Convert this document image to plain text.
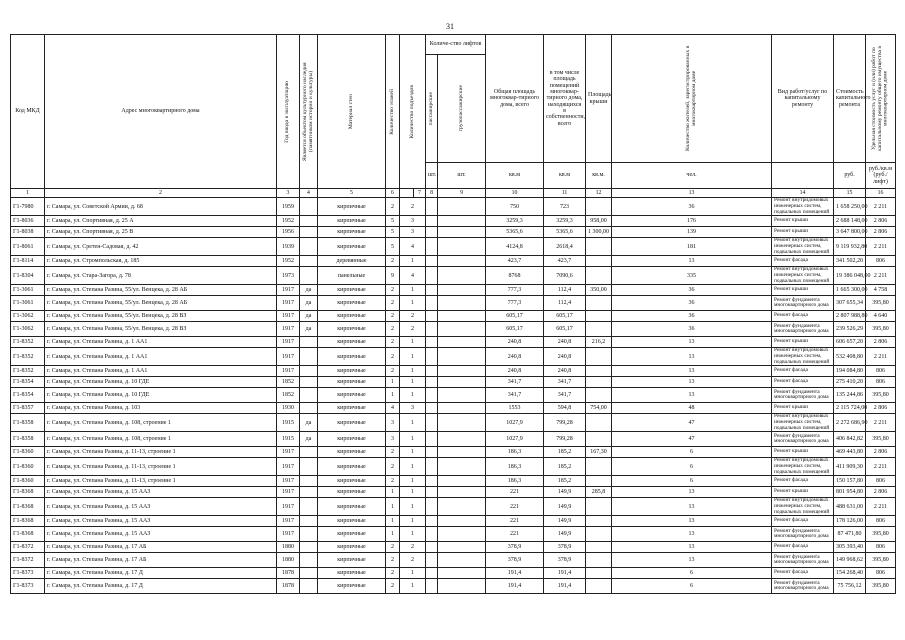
31
Код МКД	Адрес многоквартирного дома	Год ввода в эксплуатацию	Является объектом культурного наследия (памятником истории и культуры)	Материал стен	Количество этажей	Количество подъездов		Количе-ство лифтов		Общая площадь многоквар-тирного дома, всего	в том числе площадь помещений многоквар-тирного дома, находящихся в собственности, всего	Площадь крыши	Количество жителей, зарегистрированных в многоквартирном доме	Вид работ/услуг по капитальному ремонту	Стоимость капитального ремонта	Удельная стоимость услуг и (или) работ по капитальному ремонту общего имущества в многоквартирном доме

								пассажирские	грузопассажирские								

								шт.	шт.	кв.м	кв.м	кв.м.	чел.		руб.	руб./кв.м (руб./лифт)	
1	2	3	4	5	6		7	8	9	10	11	12	13	14	15	16	
Г1-7980	г. Самара, ул. Советской Армии, д. 68	1959		кирпичные	2	2				750	723		36	Ремонт внутридомовых инженерных систем, подвальных помещений	1 658 250,00	2 211	
Г1-8036	г. Самара, ул. Спортивная, д. 25 А	1952		кирпичные	5	3				3259,3	3259,3	958,00	176	Ремонт крыши	2 688 148,00	2 806	
Г1-8038	г. Самара, ул. Спортивная, д. 25 В	1956		кирпичные	5	3				5365,6	5365,6	1 300,00	139	Ремонт крыши	3 647 800,00	2 806	
Г1-8061	г. Самара, ул. Сретен-Садовая, д. 42	1939		кирпичные	5	4				4124,8	2618,4		181	Ремонт внутридомовых инженерных систем, подвальных помещений	9 119 932,80	2 211	
Г1-8114	г. Самара, ул. Стромпольская, д. 185	1952		деревянные	2	1				423,7	423,7		13	Ремонт фасада	341 502,20	806	
Г1-8304	г. Самара, ул. Стара-Загора, д. 78	1973		панельные	9	4				8768	7090,6		335	Ремонт внутридомовых инженерных систем, подвальных помещений	19 386 048,00	2 211	
Г1-3061	г. Самара, ул. Степана Разина, 55/ул. Венцека, д. 28 АБ	1917	да	кирпичные	2	1				777,3	112,4	350,00	36	Ремонт крыши	1 665 300,00	4 758	
Г1-3061	г. Самара, ул. Степана Разина, 55/ул. Венцека, д. 28 АБ	1917	да	кирпичные	2	1				777,3	112,4		36	Ремонт фундамента многоквартирного дома	307 655,34	395,80	
Г1-3062	г. Самара, ул. Степана Разина, 55/ул. Венцека, д. 28 ВЗ	1917	да	кирпичные	2	2				605,17	605,17		36	Ремонт фасада	2 807 988,80	4 640	
Г1-3062	г. Самара, ул. Степана Разина, 55/ул. Венцека, д. 28 ВЗ	1917	да	кирпичные	2	2				605,17	605,17		36	Ремонт фундамента многоквартирного дома	239 526,29	395,80	
Г1-8352	г. Самара, ул. Степана Разина, д. 1 АА1	1917		кирпичные	2	1				240,8	240,8	216,2	13	Ремонт крыши	606 657,20	2 806	
Г1-8352	г. Самара, ул. Степана Разина, д. 1 АА1	1917		кирпичные	2	1				240,8	240,8		13	Ремонт внутридомовых инженерных систем, подвальных помещений	532 408,80	2 211	
Г1-8352	г. Самара, ул. Степана Разина, д. 1 АА1	1917		кирпичные	2	1				240,8	240,8		13	Ремонт фасада	194 084,80	806	
Г1-8354	г. Самара, ул. Степана Разина, д. 10 ГДЕ	1852		кирпичные	1	1				341,7	341,7		13	Ремонт фасада	275 410,20	806	
Г1-8354	г. Самара, ул. Степана Разина, д. 10 ГДЕ	1852		кирпичные	1	1				341,7	341,7		13	Ремонт фундамента многоквартирного дома	135 244,86	395,80	
Г1-8357	г. Самара, ул. Степана Разина, д. 103	1930		кирпичные	4	3				1553	594,8	754,00	48	Ремонт крыши	2 115 724,00	2 806	
Г1-8358	г. Самара, ул. Степана Разина, д. 108, строение 1	1915	да	кирпичные	3	1				1027,9	799,28		47	Ремонт внутридомовых инженерных систем, подвальных помещений	2 272 686,90	2 211	
Г1-8358	г. Самара, ул. Степана Разина, д. 108, строение 1	1915	да	кирпичные	3	1				1027,9	799,28		47	Ремонт фундамента многоквартирного дома	406 842,82	395,80	
Г1-8360	г. Самара, ул. Степана Разина, д. 11-13, строение 1	1917		кирпичные	2	1				186,3	185,2	167,30	6	Ремонт крыши	469 443,80	2 806	
Г1-8360	г. Самара, ул. Степана Разина, д. 11-13, строение 1	1917		кирпичные	2	1				186,3	185,2		6	Ремонт внутридомовых инженерных систем, подвальных помещений	411 909,30	2 211	
Г1-8360	г. Самара, ул. Степана Разина, д. 11-13, строение 1	1917		кирпичные	2	1				186,3	185,2		6	Ремонт фасада	150 157,80	806	
Г1-8368	г. Самара, ул. Степана Разина, д. 15 ААЗ	1917		кирпичные	1	1				221	149,9	285,8	13	Ремонт крыши	801 954,80	2 806	
Г1-8368	г. Самара, ул. Степана Разина, д. 15 ААЗ	1917		кирпичные	1	1				221	149,9		13	Ремонт внутридомовых инженерных систем, подвальных помещений	488 631,00	2 211	
Г1-8368	г. Самара, ул. Степана Разина, д. 15 ААЗ	1917		кирпичные	1	1				221	149,9		13	Ремонт фасада	178 126,00	806	
Г1-8368	г. Самара, ул. Степана Разина, д. 15 ААЗ	1917		кирпичные	1	1				221	149,9		13	Ремонт фундамента многоквартирного дома	87 471,80	395,80	
Г1-8372	г. Самара, ул. Степана Разина, д. 17 АБ	1880		кирпичные	2	2				378,9	378,9		13	Ремонт фасада	305 393,40	806	
Г1-8372	г. Самара, ул. Степана Разина, д. 17 АБ	1880		кирпичные	2	2				378,9	378,9		13	Ремонт фундамента многоквартирного дома	149 968,62	395,80	
Г1-8373	г. Самара, ул. Степана Разина, д. 17 Д	1878		кирпичные	2	1				191,4	191,4		6	Ремонт фасада	154 268,40	806	
Г1-8373	г. Самара, ул. Степана Разина, д. 17 Д	1878		кирпичные	2	1				191,4	191,4		6	Ремонт фундамента многоквартирного дома	75 756,12	395,80	
